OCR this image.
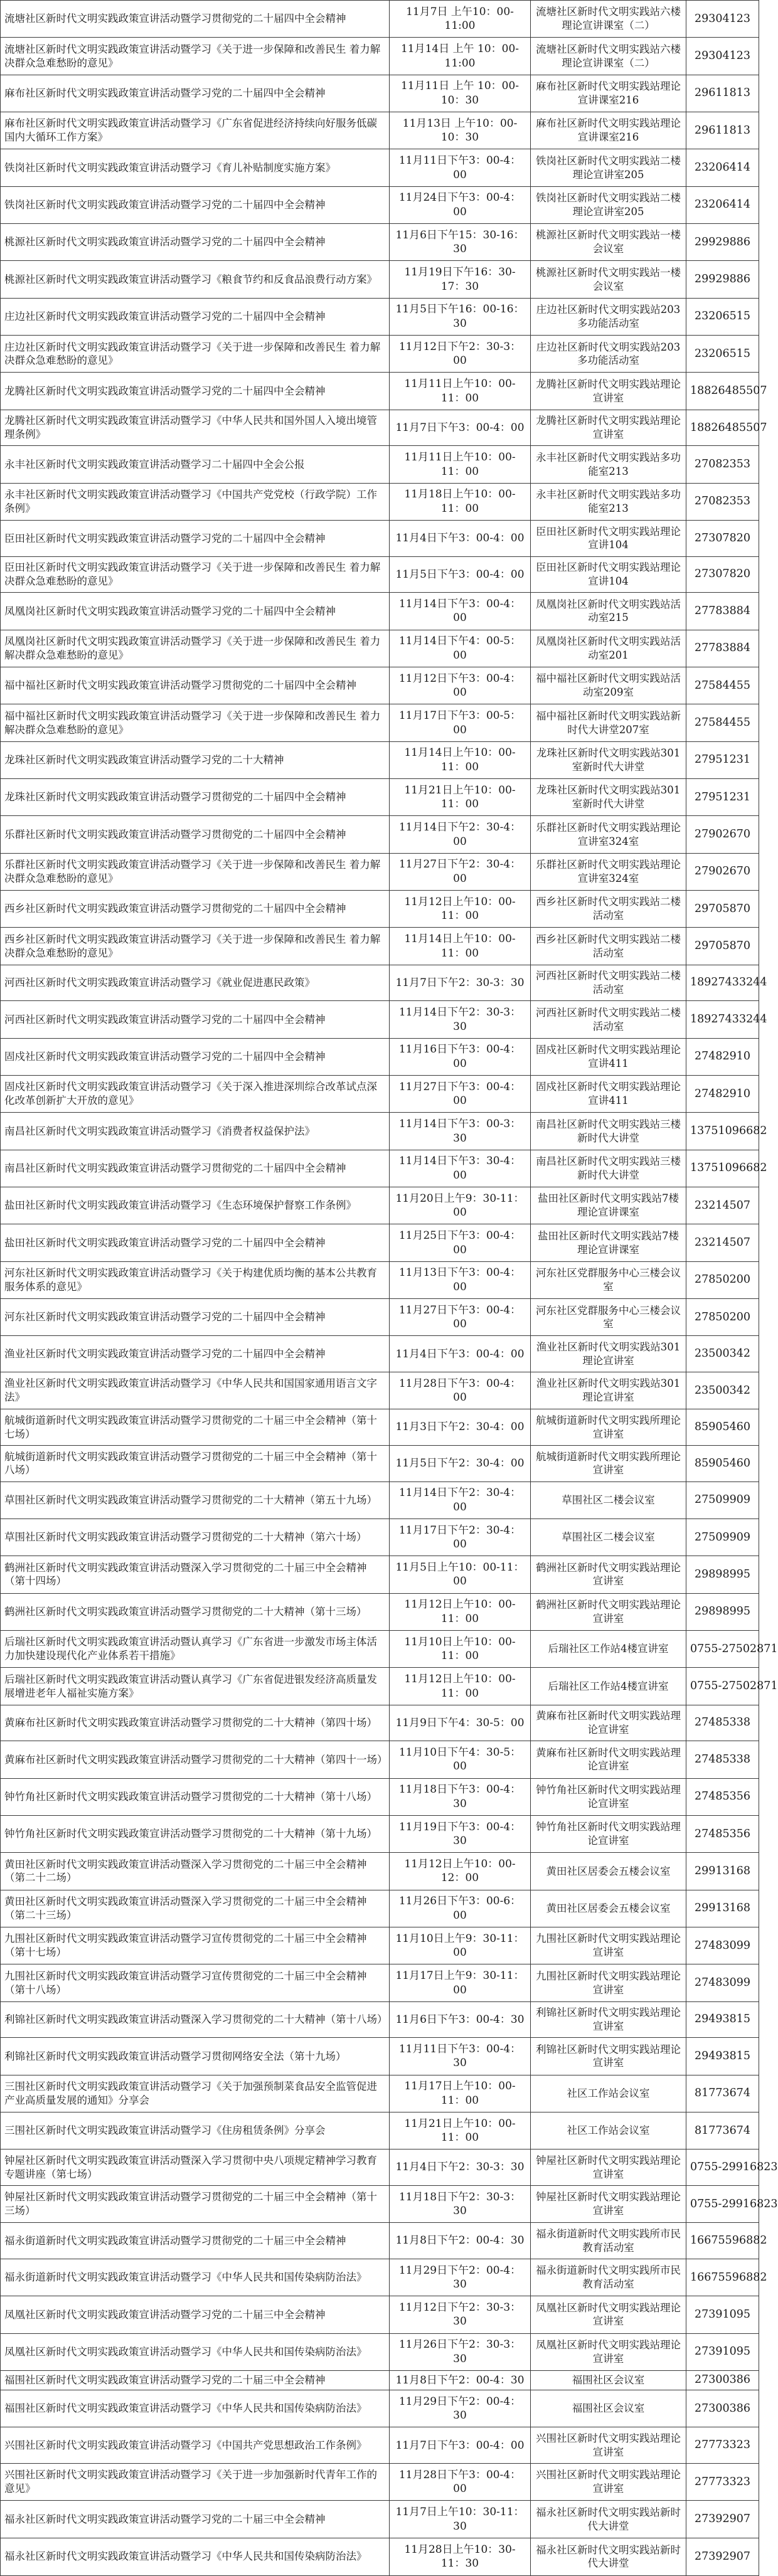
流塘社区新时代文明实践政策宣讲活动暨学习贯彻党的二十届四中全会精神	11月7日 上午10：00-11:00	流塘社区新时代文明实践站六楼理论宣讲课室（二）	29304123
流塘社区新时代文明实践政策宣讲活动暨学习《关于进一步保障和改善民生 着力解决群众急难愁盼的意见》	11月14日 上午 10：00-11:00	流塘社区新时代文明实践站六楼理论宣讲课室（二）	29304123
麻布社区新时代文明实践政策宣讲活动暨学习党的二十届四中全会精神	11月11日 上午 10：00-10：30	麻布社区新时代文明实践站理论宣讲课室216	29611813
麻布社区新时代文明实践政策宣讲活动暨学习《广东省促进经济持续向好服务低碳国内大循环工作方案》	11月13日 上午10：00-10：30	麻布社区新时代文明实践站理论宣讲课室216	29611813
铁岗社区新时代文明实践政策宣讲活动暨学习《育儿补贴制度实施方案》	11月11日下午3：00-4：00	铁岗社区新时代文明实践站二楼理论宣讲室205	23206414
铁岗社区新时代文明实践政策宣讲活动暨学习党的二十届四中全会精神	11月24日下午3：00-4：00	铁岗社区新时代文明实践站二楼理论宣讲室205	23206414
桃源社区新时代文明实践政策宣讲活动暨学习党的二十届四中全会精神	11月6日下午15：30-16：30	桃源社区新时代文明实践站一楼会议室	29929886
桃源社区新时代文明实践政策宣讲活动暨学习《粮食节约和反食品浪费行动方案》	11月19日下午16：30-17：30	桃源社区新时代文明实践站一楼会议室	29929886
庄边社区新时代文明实践政策宣讲活动暨学习党的二十届四中全会精神	11月5日下午16：00-16：30	庄边社区新时代文明实践站203多功能活动室	23206515
庄边社区新时代文明实践政策宣讲活动暨学习《关于进一步保障和改善民生 着力解决群众急难愁盼的意见》	11月12日下午2：30-3：00	庄边社区新时代文明实践站203多功能活动室	23206515
龙腾社区新时代文明实践政策宣讲活动暨学习党的二十届四中全会精神	11月11日上午10：00-11：00	龙腾社区新时代文明实践站理论宣讲室	18826485507
龙腾社区新时代文明实践政策宣讲活动暨学习《中华人民共和国外国人入境出境管理条例》	11月7日下午3：00-4：00	龙腾社区新时代文明实践站理论宣讲室	18826485507
永丰社区新时代文明实践政策宣讲活动暨学习二十届四中全会公报	11月11日上午10：00-11：00	永丰社区新时代文明实践站多功能室213	27082353
永丰社区新时代文明实践政策宣讲活动暨学习《中国共产党党校（行政学院）工作条例》	11月18日上午10：00-11：00	永丰社区新时代文明实践站多功能室213	27082353
臣田社区新时代文明实践政策宣讲活动暨学习党的二十届四中全会精神	11月4日下午3：00-4：00	臣田社区新时代文明实践站理论宣讲104	27307820
臣田社区新时代文明实践政策宣讲活动暨学习《关于进一步保障和改善民生 着力解决群众急难愁盼的意见》	11月5日下午3：00-4：00	臣田社区新时代文明实践站理论宣讲104	27307820
凤凰岗社区新时代文明实践政策宣讲活动暨学习党的二十届四中全会精神	11月14日下午3：00-4：00	凤凰岗社区新时代文明实践站活动室215	27783884
凤凰岗社区新时代文明实践政策宣讲活动暨学习《关于进一步保障和改善民生 着力解决群众急难愁盼的意见》	11月14日下午4：00-5：00	凤凰岗社区新时代文明实践站活动室201	27783884
福中福社区新时代文明实践政策宣讲活动暨学习贯彻党的二十届四中全会精神	11月12日下午3：00-4：00	福中福社区新时代文明实践站活动室209室	27584455
福中福社区新时代文明实践政策宣讲活动暨学习《关于进一步保障和改善民生 着力解决群众急难愁盼的意见》	11月17日下午3：00-5：00	福中福社区新时代文明实践站新时代大讲堂207室	27584455
龙珠社区新时代文明实践政策宣讲活动暨学习党的二十大精神	11月14日上午10：00-11：00	龙珠社区新时代文明实践站301室新时代大讲堂	27951231
龙珠社区新时代文明实践政策宣讲活动暨学习贯彻党的二十届四中全会精神	11月21日上午10：00-11：00	龙珠社区新时代文明实践站301室新时代大讲堂	27951231
乐群社区新时代文明实践政策宣讲活动暨学习贯彻党的二十届四中全会精神	11月14日下午2：30-4：00	乐群社区新时代文明实践站理论宣讲室324室	27902670
乐群社区新时代文明实践政策宣讲活动暨学习《关于进一步保障和改善民生 着力解决群众急难愁盼的意见》	11月27日下午2：30-4：00	乐群社区新时代文明实践站理论宣讲室324室	27902670
西乡社区新时代文明实践政策宣讲活动暨学习贯彻党的二十届四中全会精神	11月12日上午10：00-11：00	西乡社区新时代文明实践站二楼活动室	29705870
西乡社区新时代文明实践政策宣讲活动暨学习《关于进一步保障和改善民生 着力解决群众急难愁盼的意见》	11月14日上午10：00-11：00	西乡社区新时代文明实践站二楼活动室	29705870
河西社区新时代文明实践政策宣讲活动暨学习《就业促进惠民政策》	11月7日下午2：30-3：30	河西社区新时代文明实践站二楼活动室	18927433244
河西社区新时代文明实践政策宣讲活动暨学习党的二十届四中全会精神	11月14日下午2：30-3：30	河西社区新时代文明实践站二楼活动室	18927433244
固戍社区新时代文明实践政策宣讲活动暨学习党的二十届四中全会精神	11月16日下午3：00-4：00	固戍社区新时代文明实践站理论宣讲411	27482910
固戍社区新时代文明实践政策宣讲活动暨学习《关于深入推进深圳综合改革试点深化改革创新扩大开放的意见》	11月27日下午3：00-4：00	固戍社区新时代文明实践站理论宣讲411	27482910
南昌社区新时代文明实践政策宣讲活动暨学习《消费者权益保护法》	11月14日下午3：00-3：30	南昌社区新时代文明实践站三楼　新时代大讲堂	13751096682
南昌社区新时代文明实践政策宣讲活动暨学习贯彻党的二十届四中全会精神	11月14日下午3：30-4：00	南昌社区新时代文明实践站三楼　新时代大讲堂	13751096682
盐田社区新时代文明实践政策宣讲活动暨学习《生态环境保护督察工作条例》	11月20日上午9：30-11：00	盐田社区新时代文明实践站7楼理论宣讲课室	23214507
盐田社区新时代文明实践政策宣讲活动暨学习党的二十届四中全会精神	11月25日下午3：00-4：00	盐田社区新时代文明实践站7楼理论宣讲课室	23214507
河东社区新时代文明实践政策宣讲活动暨学习《关于构建优质均衡的基本公共教育服务体系的意见》	11月13日下午3：00-4：00	河东社区党群服务中心三楼会议室	27850200
河东社区新时代文明实践政策宣讲活动暨学习党的二十届四中全会精神	11月27日下午3：00-4：00	河东社区党群服务中心三楼会议室	27850200
渔业社区新时代文明实践政策宣讲活动暨学习党的二十届四中全会精神	11月4日下午3：00-4：00	渔业社区新时代文明实践站301理论宣讲室	23500342
渔业社区新时代文明实践政策宣讲活动暨学习《中华人民共和国国家通用语言文字法》	11月28日下午3：00-4：00	渔业社区新时代文明实践站301理论宣讲室	23500342
航城街道新时代文明实践政策宣讲活动暨学习贯彻党的二十届三中全会精神（第十七场）	11月3日下午2：30-4：00	航城街道新时代文明实践所理论宣讲室	85905460
航城街道新时代文明实践政策宣讲活动暨学习贯彻党的二十届三中全会精神（第十八场）	11月5日下午2：30-4：00	航城街道新时代文明实践所理论宣讲室	85905460
草围社区新时代文明实践政策宣讲活动暨学习贯彻党的二十大精神（第五十九场）	11月14日下午2：30-4：00	草围社区二楼会议室	27509909
草围社区新时代文明实践政策宣讲活动暨学习贯彻党的二十大精神（第六十场）	11月17日下午2：30-4：00	草围社区二楼会议室	27509909
鹤洲社区新时代文明实践政策宣讲活动暨深入学习贯彻党的二十届三中全会精神（第十四场）	11月5日上午10：00-11：00	鹤洲社区新时代文明实践站理论宣讲室	29898995
鹤洲社区新时代文明实践政策宣讲活动暨学习贯彻党的二十大精神（第十三场）	11月12日上午10：00-11：00	鹤洲社区新时代文明实践站理论宣讲室	29898995
后瑞社区新时代文明实践政策宣讲活动暨认真学习《广东省进一步激发市场主体活力加快建设现代化产业体系若干措施》	11月10日上午10：00-11：00	后瑞社区工作站4楼宣讲室	0755-27502871
后瑞社区新时代文明实践政策宣讲活动暨认真学习《广东省促进银发经济高质量发展增进老年人福祉实施方案》	11月12日上午10：00-11：00	后瑞社区工作站4楼宣讲室	0755-27502871
黄麻布社区新时代文明实践政策宣讲活动暨学习贯彻党的二十大精神（第四十场）	11月9日下午4：30-5：00	黄麻布社区新时代文明实践站理论宣讲室	27485338
黄麻布社区新时代文明实践政策宣讲活动暨学习贯彻党的二十大精神（第四十一场）	11月10日下午4：30-5：00	黄麻布社区新时代文明实践站理论宣讲室	27485338
钟竹角社区新时代文明实践政策宣讲活动暨学习贯彻党的二十大精神（第十八场）	11月18日下午3：00-4：30	钟竹角社区新时代文明实践站理论宣讲室	27485356
钟竹角社区新时代文明实践政策宣讲活动暨学习贯彻党的二十大精神（第十九场）	11月19日下午3：00-4：30	钟竹角社区新时代文明实践站理论宣讲室	27485356
黄田社区新时代文明实践政策宣讲活动暨深入学习贯彻党的二十届三中全会精神（第二十二场）	11月12日上午10：00-12：00	黄田社区居委会五楼会议室	29913168
黄田社区新时代文明实践政策宣讲活动暨深入学习贯彻党的二十届三中全会精神（第二十三场）	11月26日下午3：00-6：00	黄田社区居委会五楼会议室	29913168
九围社区新时代文明实践政策宣讲活动暨学习宣传贯彻党的二十届三中全会精神（第十七场）	11月10日上午9：30-11：00	九围社区新时代文明实践站理论宣讲室	27483099
九围社区新时代文明实践政策宣讲活动暨学习宣传贯彻党的二十届三中全会精神（第十八场）	11月17日上午9：30-11：00	九围社区新时代文明实践站理论宣讲室	27483099
利锦社区新时代文明实践政策宣讲活动暨深入学习贯彻党的二十大精神（第十八场）	11月6日下午3：00-4：30	利锦社区新时代文明实践站理论宣讲室	29493815
利锦社区新时代文明实践政策宣讲活动暨学习贯彻网络安全法（第十九场）	11月11日下午3：00-4：30	利锦社区新时代文明实践站理论宣讲室	29493815
三围社区新时代文明实践政策宣讲活动暨学习《关于加强预制菜食品安全监管促进产业高质量发展的通知》分享会	11月17日上午10：00-11：00	社区工作站会议室	81773674
三围社区新时代文明实践政策宣讲活动暨学习《住房租赁条例》分享会	11月21日上午10：00-11：00	社区工作站会议室	81773674
钟屋社区新时代文明实践政策宣讲活动暨深入学习贯彻中央八项规定精神学习教育专题讲座（第七场）	11月4日下午2：30-3：30	钟屋社区新时代文明实践站理论宣讲室	0755-29916823
钟屋社区新时代文明实践政策宣讲活动暨学习贯彻党的二十届三中全会精神（第十三场）	11月18日下午2：30-3：30	钟屋社区新时代文明实践站理论宣讲室	0755-29916823
福永街道新时代文明实践政策宣讲活动暨学习贯彻党的二十届三中全会精神	11月8日下午2：00-4：30	福永街道新时代文明实践所市民教育活动室	16675596882
福永街道新时代文明实践政策宣讲活动暨学习《中华人民共和国传染病防治法》	11月29日下午2：00-4：30	福永街道新时代文明实践所市民教育活动室	16675596882
凤凰社区新时代文明实践政策宣讲活动暨学习党的二十届三中全会精神	11月12日下午2：30-3：30	凤凰社区新时代文明实践站理论宣讲室	27391095
凤凰社区新时代文明实践政策宣讲活动暨学习《中华人民共和国传染病防治法》	11月26日下午2：30-3：30	凤凰社区新时代文明实践站理论宣讲室	27391095
福围社区新时代文明实践政策宣讲活动暨学习党的二十届三中全会精神	11月8日下午2：00-4：30	福围社区会议室	27300386
福围社区新时代文明实践政策宣讲活动暨学习《中华人民共和国传染病防治法》	11月29日下午2：00-4：30	福围社区会议室	27300386
兴围社区新时代文明实践政策宣讲活动暨学习《中国共产党思想政治工作条例》	11月7日下午3：00-4：00	兴围社区新时代文明实践站理论宣讲室	27773323
兴围社区新时代文明实践政策宣讲活动暨学习《关于进一步加强新时代青年工作的意见》	11月28日下午3：00-4：00	兴围社区新时代文明实践站理论宣讲室	27773323
福永社区新时代文明实践政策宣讲活动暨学习党的二十届三中全会精神	11月7日上午10：30-11：30	福永社区新时代文明实践站新时代大讲堂	27392907
福永社区新时代文明实践政策宣讲活动暨学习《中华人民共和国传染病防治法》	11月28日上午10：30-11：30	福永社区新时代文明实践站新时代大讲堂	27392907
